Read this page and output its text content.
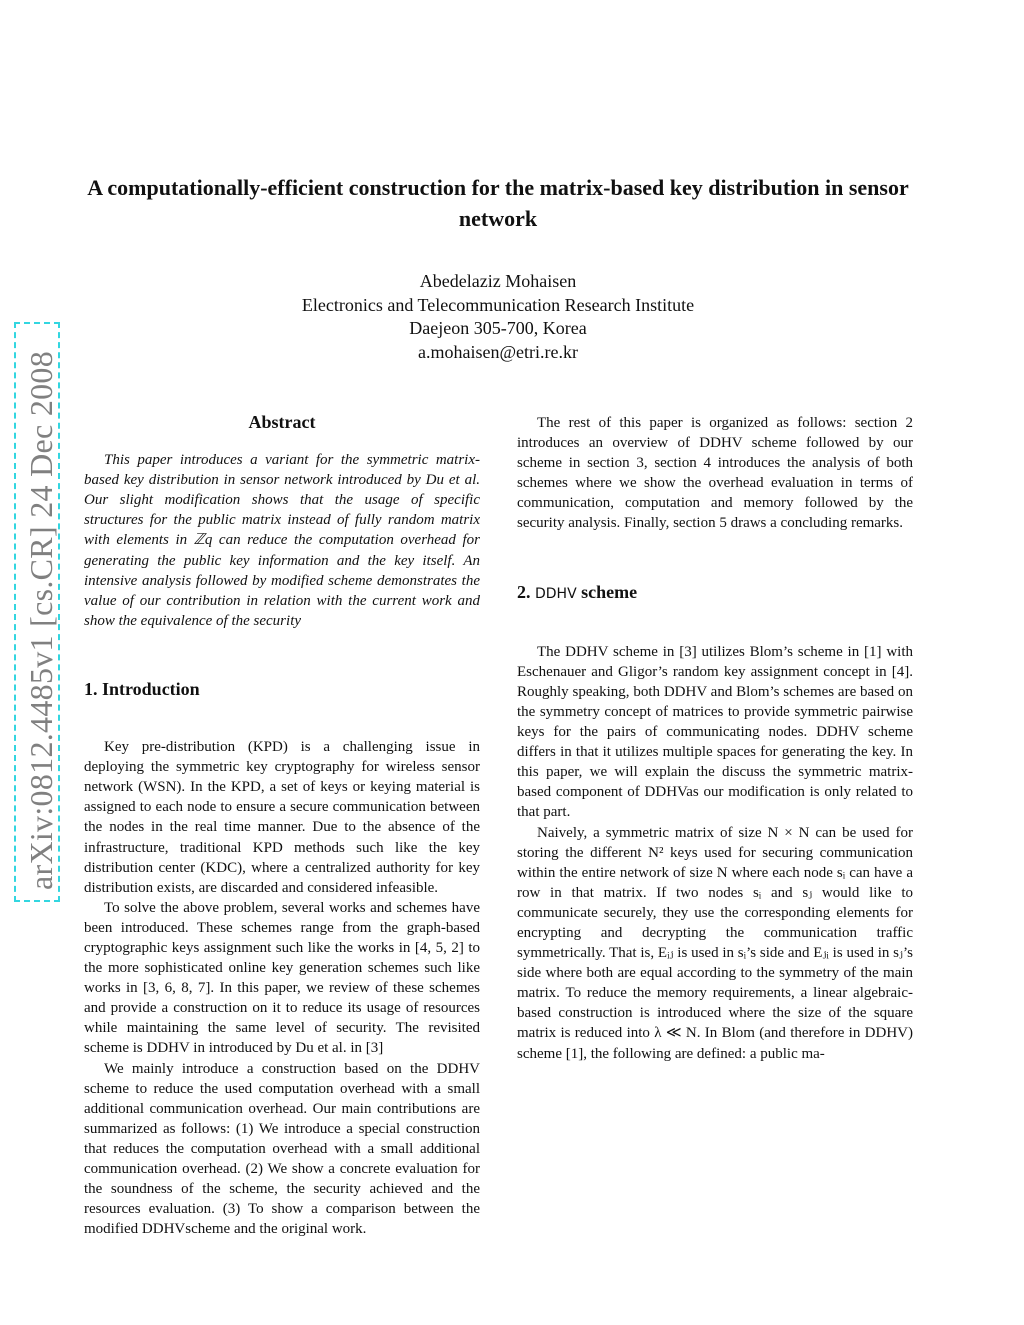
arXiv:0812.4485v1 [cs.CR] 24 Dec 2008
A computationally-efficient construction for the matrix-based key distribution in sensor network
Abedelaziz Mohaisen
Electronics and Telecommunication Research Institute
Daejeon 305-700, Korea
a.mohaisen@etri.re.kr
Abstract

This paper introduces a variant for the symmetric matrix-based key distribution in sensor network introduced by Du et al. Our slight modification shows that the usage of specific structures for the public matrix instead of fully random matrix with elements in ℤq can reduce the computation overhead for generating the public key information and the key itself. An intensive analysis followed by modified scheme demonstrates the value of our contribution in relation with the current work and show the equivalence of the security

1. Introduction

Key pre-distribution (KPD) is a challenging issue in deploying the symmetric key cryptography for wireless sensor network (WSN). In the KPD, a set of keys or keying material is assigned to each node to ensure a secure communication between the nodes in the real time manner. Due to the absence of the infrastructure, traditional KPD methods such like the key distribution center (KDC), where a centralized authority for key distribution exists, are discarded and considered infeasible.

To solve the above problem, several works and schemes have been introduced. These schemes range from the graph-based cryptographic keys assignment such like the works in [4, 5, 2] to the more sophisticated online key generation schemes such like works in [3, 6, 8, 7]. In this paper, we review of these schemes and provide a construction on it to reduce its usage of resources while maintaining the same level of security. The revisited scheme is DDHV in introduced by Du et al. in [3]

We mainly introduce a construction based on the DDHV scheme to reduce the used computation overhead with a small additional communication overhead. Our main contributions are summarized as follows: (1) We introduce a special construction that reduces the computation overhead with a small additional communication overhead. (2) We show a concrete evaluation for the soundness of the scheme, the security achieved and the resources evaluation. (3) To show a comparison between the modified DDHVscheme and the original work.

The rest of this paper is organized as follows: section 2 introduces an overview of DDHV scheme followed by our scheme in section 3, section 4 introduces the analysis of both schemes where we show the overhead evaluation in terms of communication, computation and memory followed by the security analysis. Finally, section 5 draws a concluding remarks.

2. DDHV scheme

The DDHV scheme in [3] utilizes Blom’s scheme in [1] with Eschenauer and Gligor’s random key assignment concept in [4]. Roughly speaking, both DDHV and Blom’s schemes are based on the symmetry concept of matrices to provide symmetric pairwise keys for the pairs of communicating nodes. DDHV scheme differs in that it utilizes multiple spaces for generating the key. In this paper, we will explain the discuss the symmetric matrix-based component of DDHVas our modification is only related to that part.

Naively, a symmetric matrix of size N × N can be used for storing the different N² keys used for securing communication within the entire network of size N where each node sᵢ can have a row in that matrix. If two nodes sᵢ and sⱼ would like to communicate securely, they use the corresponding elements for encrypting and decrypting the communication traffic symmetrically. That is, Eᵢⱼ is used in sᵢ’s side and Eⱼᵢ is used in sⱼ’s side where both are equal according to the symmetry of the main matrix. To reduce the memory requirements, a linear algebraic-based construction is introduced where the size of the square matrix is reduced into λ ≪ N. In Blom (and therefore in DDHV) scheme [1], the following are defined: a public ma-
